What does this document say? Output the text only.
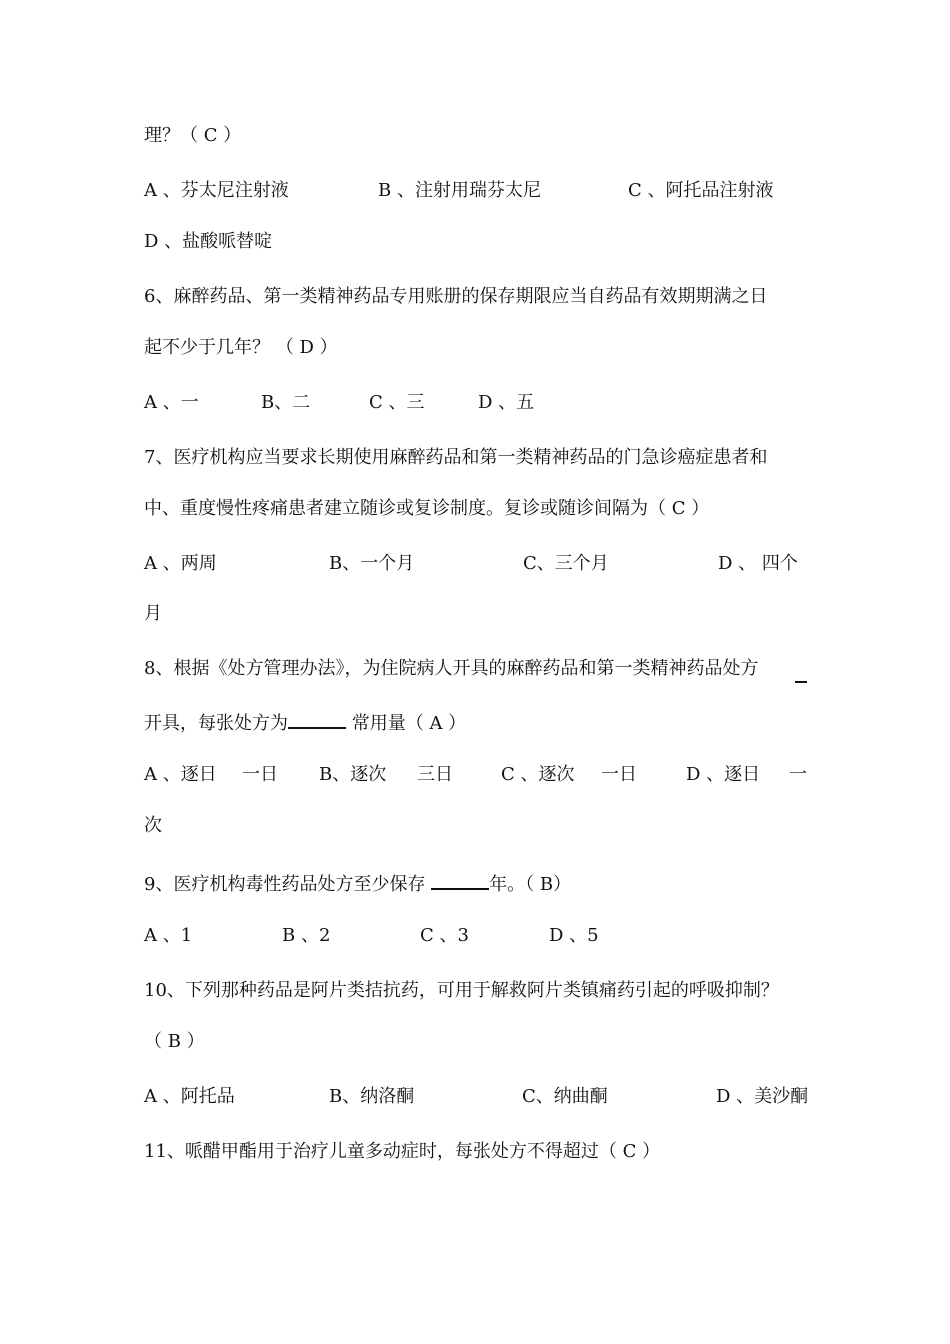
理？（ C ）
A 、芬太尼注射液	B 、注射用瑞芬太尼	C 、阿托品注射液
D 、盐酸哌替啶
6、麻醉药品、第一类精神药品专用账册的保存期限应当自药品有效期期满之日
起不少于几年？ （ D ）
A 、一	B、二	C 、三	D 、五
7、医疗机构应当要求长期使用麻醉药品和第一类精神药品的门急诊癌症患者和
中、重度慢性疼痛患者建立随诊或复诊制度。复诊或随诊间隔为（ C ）
A 、两周	B、一个月	C、三个月	D 、 四个
月
8、根据《处方管理办法》，为住院病人开具的麻醉药品和第一类精神药品处方
开具，每张处方为	常用量（ A ）
A 、逐日 一日 B、逐次 三日	C 、逐次 一日	D 、逐日 一
次
9、医疗机构毒性药品处方至少保存	年。（ B）
A 、1	B 、2	C 、3	D 、5
10、下列那种药品是阿片类拮抗药，可用于解救阿片类镇痛药引起的呼吸抑制？
（ B ）
A 、阿托品	B、纳洛酮	C、纳曲酮	D 、美沙酮
11、哌醋甲酯用于治疗儿童多动症时，每张处方不得超过（ C ）
